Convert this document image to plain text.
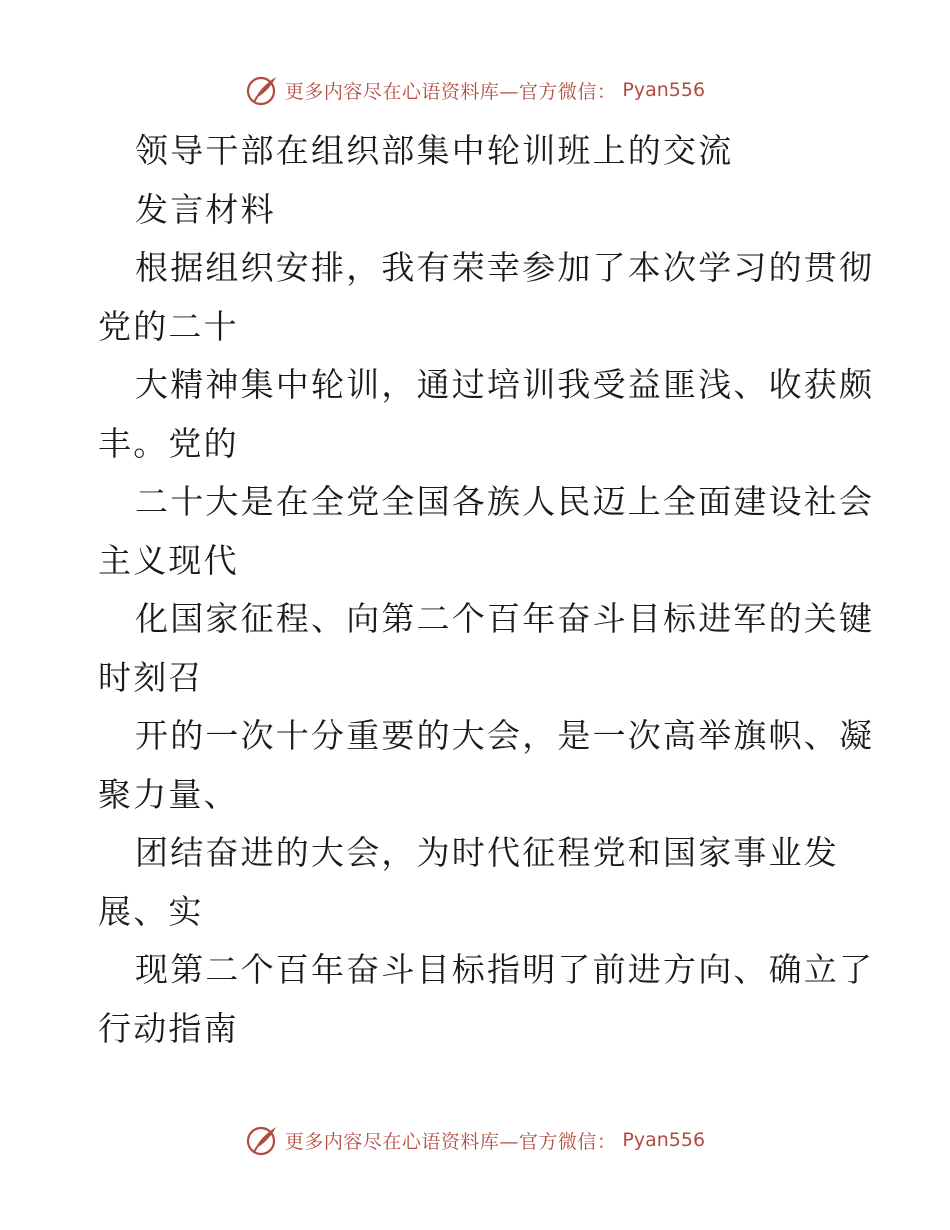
更多内容尽在心语资料库—官方微信： Pyan556
领导干部在组织部集中轮训班上的交流
发言材料
根据组织安排，我有荣幸参加了本次学习的贯彻
党的二十
大精神集中轮训，通过培训我受益匪浅、收获颇
丰。党的
二十大是在全党全国各族人民迈上全面建设社会
主义现代
化国家征程、向第二个百年奋斗目标进军的关键
时刻召
开的一次十分重要的大会，是一次高举旗帜、凝
聚力量、
团结奋进的大会，为时代征程党和国家事业发
展、实
现第二个百年奋斗目标指明了前进方向、确立了
行动指南
更多内容尽在心语资料库—官方微信： Pyan556
